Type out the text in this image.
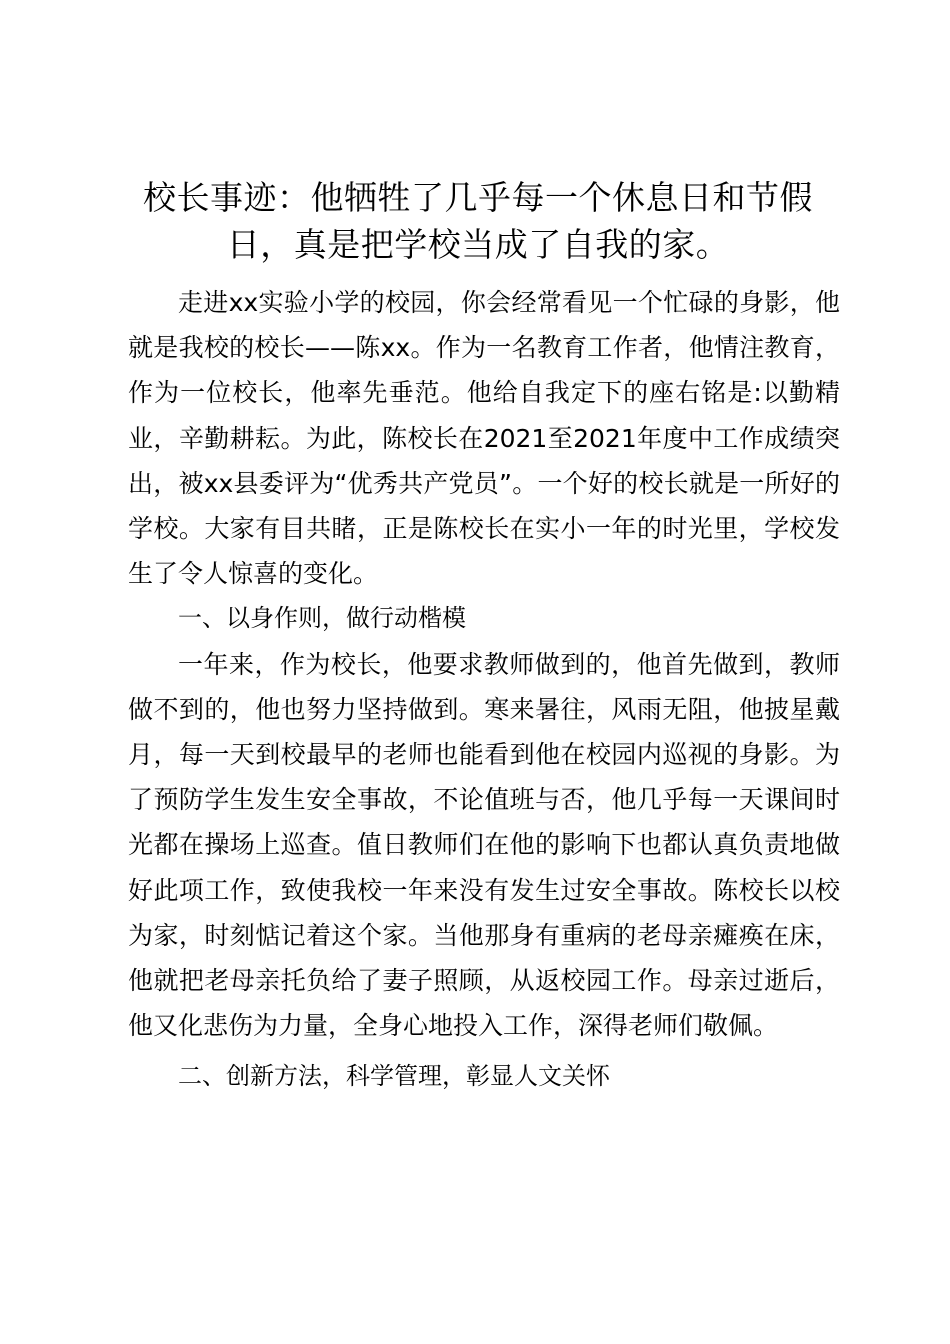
校长事迹：他牺牲了几乎每一个休息日和节假日，真是把学校当成了自我的家。

走进xx实验小学的校园，你会经常看见一个忙碌的身影，他就是我校的校长——陈xx。作为一名教育工作者，他情注教育，作为一位校长，他率先垂范。他给自我定下的座右铭是:以勤精业，辛勤耕耘。为此，陈校长在2021至2021年度中工作成绩突出，被xx县委评为“优秀共产党员”。一个好的校长就是一所好的学校。大家有目共睹，正是陈校长在实小一年的时光里，学校发生了令人惊喜的变化。

一、以身作则，做行动楷模

一年来，作为校长，他要求教师做到的，他首先做到，教师做不到的，他也努力坚持做到。寒来暑往，风雨无阻，他披星戴月，每一天到校最早的老师也能看到他在校园内巡视的身影。为了预防学生发生安全事故，不论值班与否，他几乎每一天课间时光都在操场上巡查。值日教师们在他的影响下也都认真负责地做好此项工作，致使我校一年来没有发生过安全事故。陈校长以校为家，时刻惦记着这个家。当他那身有重病的老母亲瘫痪在床，他就把老母亲托负给了妻子照顾，从返校园工作。母亲过逝后，他又化悲伤为力量，全身心地投入工作，深得老师们敬佩。

二、创新方法，科学管理，彰显人文关怀
